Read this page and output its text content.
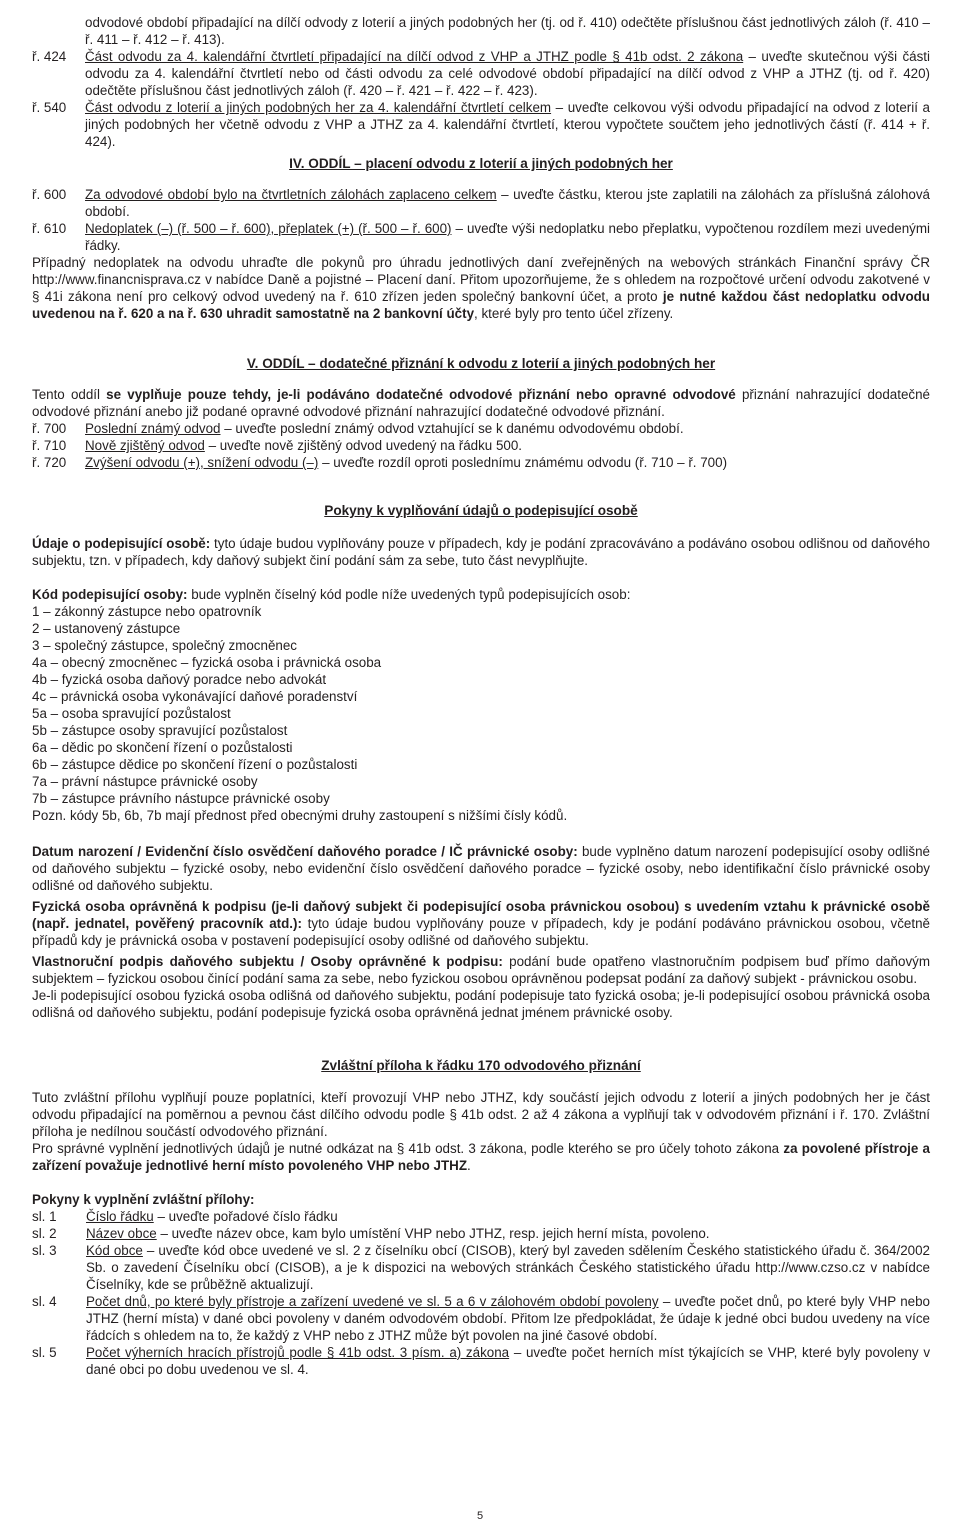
odvodové období připadající na dílčí odvody z loterií a jiných podobných her (tj. od ř. 410) odečtěte příslušnou část jednotlivých záloh (ř. 410 – ř. 411 – ř. 412 – ř. 413).

ř. 424	Část odvodu za 4. kalendářní čtvrtletí připadající na dílčí odvod z VHP a JTHZ podle § 41b odst. 2 zákona – uveďte skutečnou výši části odvodu za 4. kalendářní čtvrtletí nebo od části odvodu za celé odvodové období připadající na dílčí odvod z VHP a JTHZ (tj. od ř. 420) odečtěte příslušnou část jednotlivých záloh (ř. 420 – ř. 421 – ř. 422 – ř. 423).
ř. 540	Část odvodu z loterií a jiných podobných her za 4. kalendářní čtvrtletí celkem – uveďte celkovou výši odvodu připadající na odvod z loterií a jiných podobných her včetně odvodu z VHP a JTHZ za 4. kalendářní čtvrtletí, kterou vypočtete součtem jeho jednotlivých částí (ř. 414 + ř. 424).

IV. ODDÍL – placení odvodu z loterií a jiných podobných her

ř. 600	Za odvodové období bylo na čtvrtletních zálohách zaplaceno celkem – uveďte částku, kterou jste zaplatili na zálohách za příslušná zálohová období.
ř. 610	Nedoplatek (–) (ř. 500 – ř. 600), přeplatek (+) (ř. 500 – ř. 600) – uveďte výši nedoplatku nebo přeplatku, vypočtenou rozdílem mezi uvedenými řádky.

Případný nedoplatek na odvodu uhraďte dle pokynů pro úhradu jednotlivých daní zveřejněných na webových stránkách Finanční správy ČR http://www.financnisprava.cz v nabídce Daně a pojistné – Placení daní. Přitom upozorňujeme, že s ohledem na rozpočtové určení odvodu zakotvené v § 41i zákona není pro celkový odvod uvedený na ř. 610 zřízen jeden společný bankovní účet, a proto je nutné každou část nedoplatku odvodu uvedenou na ř. 620 a na ř. 630 uhradit samostatně na 2 bankovní účty, které byly pro tento účel zřízeny.

V. ODDÍL – dodatečné přiznání k odvodu z loterií a jiných podobných her

Tento oddíl se vyplňuje pouze tehdy, je-li podáváno dodatečné odvodové přiznání nebo opravné odvodové přiznání nahrazující dodatečné odvodové přiznání anebo již podané opravné odvodové přiznání nahrazující dodatečné odvodové přiznání.

ř. 700	Poslední známý odvod – uveďte poslední známý odvod vztahující se k danému odvodovému období.
ř. 710	Nově zjištěný odvod – uveďte nově zjištěný odvod uvedený na řádku 500.
ř. 720	Zvýšení odvodu (+), snížení odvodu (–) – uveďte rozdíl oproti poslednímu známému odvodu (ř. 710 – ř. 700)

Pokyny k vyplňování údajů o podepisující osobě

Údaje o podepisující osobě: tyto údaje budou vyplňovány pouze v případech, kdy je podání zpracováváno a podáváno osobou odlišnou od daňového subjektu, tzn. v případech, kdy daňový subjekt činí podání sám za sebe, tuto část nevyplňujte.

Kód podepisující osoby: bude vyplněn číselný kód podle níže uvedených typů podepisujících osob:

1 – zákonný zástupce nebo opatrovník

2 – ustanovený zástupce

3 – společný zástupce, společný zmocněnec

4a – obecný zmocněnec – fyzická osoba i právnická osoba

4b – fyzická osoba daňový poradce nebo advokát

4c – právnická osoba vykonávající daňové poradenství

5a – osoba spravující pozůstalost

5b – zástupce osoby spravující pozůstalost

6a – dědic po skončení řízení o pozůstalosti

6b – zástupce dědice po skončení řízení o pozůstalosti

7a – právní nástupce právnické osoby

7b – zástupce právního nástupce právnické osoby

Pozn. kódy 5b, 6b, 7b mají přednost před obecnými druhy zastoupení s nižšími čísly kódů.

Datum narození / Evidenční číslo osvědčení daňového poradce / IČ právnické osoby: bude vyplněno datum narození podepisující osoby odlišné od daňového subjektu – fyzické osoby, nebo evidenční číslo osvědčení daňového poradce – fyzické osoby, nebo identifikační číslo právnické osoby odlišné od daňového subjektu.

Fyzická osoba oprávněná k podpisu (je-li daňový subjekt či podepisující osoba právnickou osobou) s uvedením vztahu k právnické osobě (např. jednatel, pověřený pracovník atd.): tyto údaje budou vyplňovány pouze v případech, kdy je podání podáváno právnickou osobou, včetně případů kdy je právnická osoba v postavení podepisující osoby odlišné od daňového subjektu.

Vlastnoruční podpis daňového subjektu / Osoby oprávněné k podpisu: podání bude opatřeno vlastnoručním podpisem buď přímo daňovým subjektem – fyzickou osobou činící podání sama za sebe, nebo fyzickou osobou oprávněnou podepsat podání za daňový subjekt - právnickou osobu.

Je-li podepisující osobou fyzická osoba odlišná od daňového subjektu, podání podepisuje tato fyzická osoba; je-li podepisující osobou právnická osoba odlišná od daňového subjektu, podání podepisuje fyzická osoba oprávněná jednat jménem právnické osoby.

Zvláštní příloha k řádku 170 odvodového přiznání

Tuto zvláštní přílohu vyplňují pouze poplatníci, kteří provozují VHP nebo JTHZ, kdy součástí jejich odvodu z loterií a jiných podobných her je část odvodu připadající na poměrnou a pevnou část dílčího odvodu podle § 41b odst. 2 až 4 zákona a vyplňují tak v odvodovém přiznání i ř. 170. Zvláštní příloha je nedílnou součástí odvodového přiznání.

Pro správné vyplnění jednotlivých údajů je nutné odkázat na § 41b odst. 3 zákona, podle kterého se pro účely tohoto zákona za povolené přístroje a zařízení považuje jednotlivé herní místo povoleného VHP nebo JTHZ.

Pokyny k vyplnění zvláštní přílohy:

sl. 1	Číslo řádku – uveďte pořadové číslo řádku
sl. 2	Název obce – uveďte název obce, kam bylo umístění VHP nebo JTHZ, resp. jejich herní místa, povoleno.
sl. 3	Kód obce – uveďte kód obce uvedené ve sl. 2 z číselníku obcí (CISOB), který byl zaveden sdělením Českého statistického úřadu č. 364/2002 Sb. o zavedení Číselníku obcí (CISOB), a je k dispozici na webových stránkách Českého statistického úřadu http://www.czso.cz v nabídce Číselníky, kde se průběžně aktualizují.
sl. 4	Počet dnů, po které byly přístroje a zařízení uvedené ve sl. 5 a 6 v zálohovém období povoleny – uveďte počet dnů, po které byly VHP nebo JTHZ (herní místa) v dané obci povoleny v daném odvodovém období. Přitom lze předpokládat, že údaje k jedné obci budou uvedeny na více řádcích s ohledem na to, že každý z VHP nebo z JTHZ může být povolen na jiné časové období.
sl. 5	Počet výherních hracích přístrojů podle § 41b odst. 3 písm. a) zákona – uveďte počet herních míst týkajících se VHP, které byly povoleny v dané obci po dobu uvedenou ve sl. 4.
5
